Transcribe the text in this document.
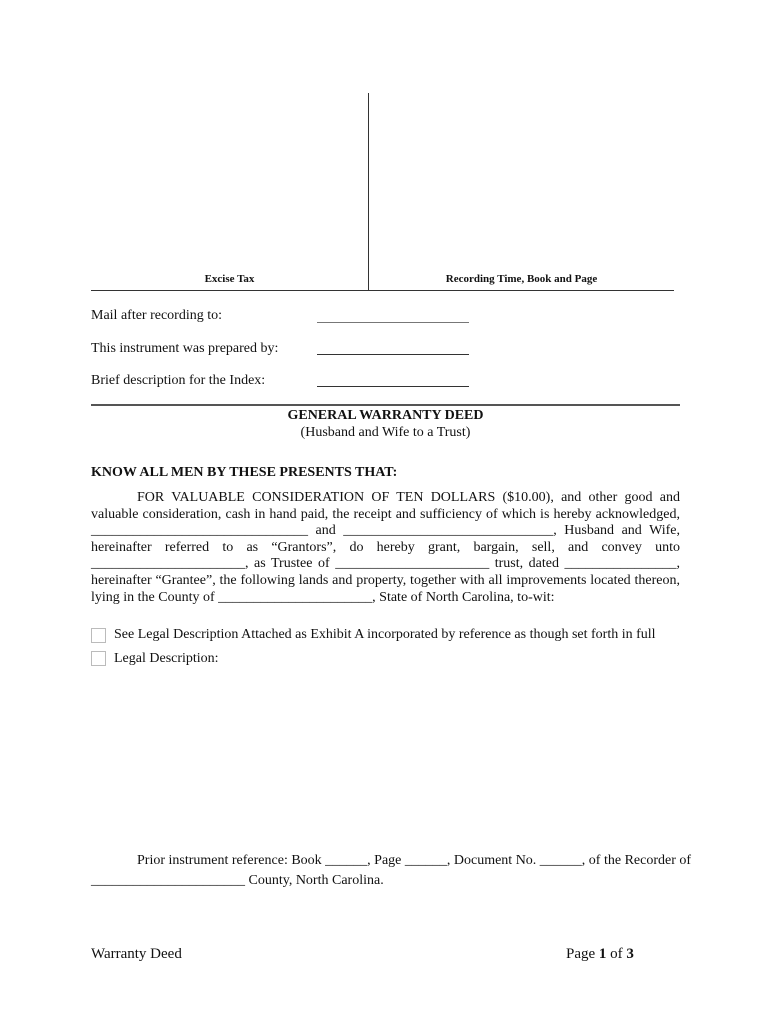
Excise Tax	Recording Time, Book and Page
Mail after recording to:
This instrument was prepared by:
Brief description for the Index:
GENERAL WARRANTY DEED
(Husband and Wife to a Trust)
KNOW ALL MEN BY THESE PRESENTS THAT:
FOR VALUABLE CONSIDERATION OF TEN DOLLARS ($10.00), and other good and
valuable consideration, cash in hand paid, the receipt and sufficiency of which is hereby acknowledged,
_______________________________ and ______________________________, Husband and Wife,
hereinafter referred to as “Grantors”, do hereby grant, bargain, sell, and convey unto
______________________, as Trustee of ______________________ trust, dated ________________,
hereinafter “Grantee”, the following lands and property, together with all improvements located thereon,
lying in the County of ______________________, State of North Carolina, to-wit:
See Legal Description Attached as Exhibit A incorporated by reference as though set forth in full
Legal Description:
Prior instrument reference: Book ______, Page ______, Document No. ______, of the Recorder of
______________________ County, North Carolina.
Warranty Deed	Page 1 of 3
